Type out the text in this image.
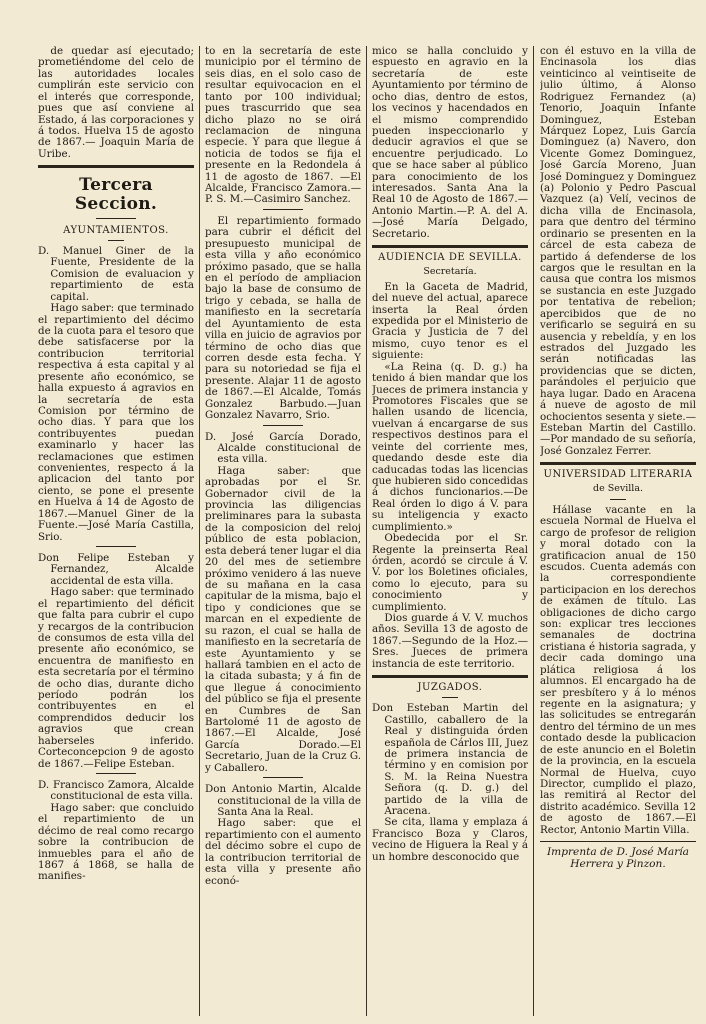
de quedar así ejecutado; prometiéndome del celo de las autoridades locales cumplirán este servicio con el interés que corresponde, pues que así conviene al Estado, á las corporaciones y á todos. Huelva 15 de agosto de 1867.— Joaquin María de Uribe.

Tercera Seccion.
AYUNTAMIENTOS.

D. Manuel Giner de la Fuente, Presidente de la Comision de evaluacion y repartimiento de esta capital.

Hago saber: que terminado el repartimiento del décimo de la cuota para el tesoro que debe satisfacerse por la contribucion territorial respectiva á esta capital y al presente año económico, se halla expuesto á agravios en la secretaría de esta Comision por término de ocho dias. Y para que los contribuyentes puedan examinarlo y hacer las reclamaciones que estimen convenientes, respecto á la aplicacion del tanto por ciento, se pone el presente en Huelva á 14 de Agosto de 1867.—Manuel Giner de la Fuente.—José María Castilla, Srio.

Don Felipe Esteban y Fernandez, Alcalde accidental de esta villa.

Hago saber: que terminado el repartimiento del déficit que falta para cubrir el cupo y recargos de la contribucion de consumos de esta villa del presente año económico, se encuentra de manifiesto en esta secretaría por el término de ocho dias, durante dicho período podrán los contribuyentes en el comprendidos deducir los agravios que crean haberseles inferido. Corteconcepcion 9 de agosto de 1867.—Felipe Esteban.

D. Francisco Zamora, Alcalde constitucional de esta villa.

Hago saber: que concluido el repartimiento de un décimo de real como recargo sobre la contribucion de inmuebles para el año de 1867 á 1868, se halla de manifies-

to en la secretaría de este municipio por el término de seis dias, en el solo caso de resultar equivocacion en el tanto por 100 individual; pues trascurrido que sea dicho plazo no se oirá reclamacion de ninguna especie. Y para que llegue á noticia de todos se fija el presente en la Redondela á 11 de agosto de 1867. —El Alcalde, Francisco Zamora.—P. S. M.—Casimiro Sanchez.

El repartimiento formado para cubrir el déficit del presupuesto municipal de esta villa y año económico próximo pasado, que se halla en el período de ampliacion bajo la base de consumo de trigo y cebada, se halla de manifiesto en la secretaría del Ayuntamiento de esta villa en juicio de agravios por término de ocho dias que corren desde esta fecha. Y para su notoriedad se fija el presente. Alajar 11 de agosto de 1867.—El Alcalde, Tomás Gonzalez Barbudo.—Juan Gonzalez Navarro, Srio.

D. José García Dorado, Alcalde constitucional de esta villa.

Haga saber: que aprobadas por el Sr. Gobernador civil de la provincia las diligencias preliminares para la subasta de la composicion del reloj público de esta poblacion, esta deberá tener lugar el dia 20 del mes de setiembre próximo venidero á las nueve de su mañana en la casa capitular de la misma, bajo el tipo y condiciones que se marcan en el expediente de su razon, el cual se halla de manifiesto en la secretaría de este Ayuntamiento y se hallará tambien en el acto de la citada subasta; y á fin de que llegue á conocimiento del público se fija el presente en Cumbres de San Bartolomé 11 de agosto de 1867.—El Alcalde, José García Dorado.—El Secretario, Juan de la Cruz G. y Caballero.

Don Antonio Martin, Alcalde constitucional de la villa de Santa Ana la Real.

Hago saber: que el repartimiento con el aumento del décimo sobre el cupo de la contribucion territorial de esta villa y presente año econó-

mico se halla concluido y espuesto en agravio en la secretaría de este Ayuntamiento por término de ocho dias, dentro de estos, los vecinos y hacendados en el mismo comprendido pueden inspeccionarlo y deducir agravios el que se encuentre perjudicado. Lo que se hace saber al público para conocimiento de los interesados. Santa Ana la Real 10 de Agosto de 1867.—Antonio Martin.—P. A. del A.—José María Delgado, Secretario.

AUDIENCIA DE SEVILLA.
Secretaría.

En la Gaceta de Madrid, del nueve del actual, aparece inserta la Real órden expedida por el Ministerio de Gracia y Justicia de 7 del mismo, cuyo tenor es el siguiente:

«La Reina (q. D. g.) ha tenido á bien mandar que los Jueces de primera instancia y Promotores Fiscales que se hallen usando de licencia, vuelvan á encargarse de sus respectivos destinos para el veinte del corriente mes, quedando desde este dia caducadas todas las licencias que hubieren sido concedidas á dichos funcionarios.—De Real órden lo digo á V. para su inteligencia y exacto cumplimiento.»

Obedecida por el Sr. Regente la preinserta Real órden, acordó se circule á V. V. por los Boletines oficiales, como lo ejecuto, para su conocimiento y cumplimiento.

Dios guarde á V. V. muchos años. Sevilla 13 de agosto de 1867.—Segundo de la Hoz.—Sres. Jueces de primera instancia de este territorio.

JUZGADOS.

Don Esteban Martin del Castillo, caballero de la Real y distinguida órden española de Cárlos III, Juez de primera instancia de término y en comision por S. M. la Reina Nuestra Señora (q. D. g.) del partido de la villa de Aracena.

Se cita, llama y emplaza á Francisco Boza y Claros, vecino de Higuera la Real y á un hombre desconocido que

con él estuvo en la villa de Encinasola los dias veinticinco al veintiseite de julio último, á Alonso Rodriguez Fernandez (a) Tenorio, Joaquin Infante Dominguez, Esteban Márquez Lopez, Luis García Dominguez (a) Navero, don Vicente Gomez Dominguez, José García Moreno, Juan José Dominguez y Dominguez (a) Polonio y Pedro Pascual Vazquez (a) Velí, vecinos de dicha villa de Encinasola, para que dentro del término ordinario se presenten en la cárcel de esta cabeza de partido á defenderse de los cargos que le resultan en la causa que contra los mismos se sustancia en este Juzgado por tentativa de rebelion; apercibidos que de no verificarlo se seguirá en su ausencia y rebeldía, y en los estrados del Juzgado les serán notificadas las providencias que se dicten, parándoles el perjuicio que haya lugar. Dado en Aracena á nueve de agosto de mil ochocientos sesenta y siete.—Esteban Martin del Castillo.—Por mandado de su señoría, José Gonzalez Ferrer.

UNIVERSIDAD LITERARIA
de Sevilla.

Hállase vacante en la escuela Normal de Huelva el cargo de profesor de religion y moral dotado con la gratificacion anual de 150 escudos. Cuenta además con la correspondiente participacion en los derechos de exámen de título. Las obligaciones de dicho cargo son: explicar tres lecciones semanales de doctrina cristiana é historia sagrada, y decir cada domingo una plática religiosa á los alumnos. El encargado ha de ser presbítero y á lo ménos regente en la asignatura; y las solicitudes se entregarán dentro del término de un mes contado desde la publicacion de este anuncio en el Boletin de la provincia, en la escuela Normal de Huelva, cuyo Director, cumplido el plazo, las remitirá al Rector del distrito académico. Sevilla 12 de agosto de 1867.—El Rector, Antonio Martin Villa.

Imprenta de D. José María Herrera y Pinzon.
